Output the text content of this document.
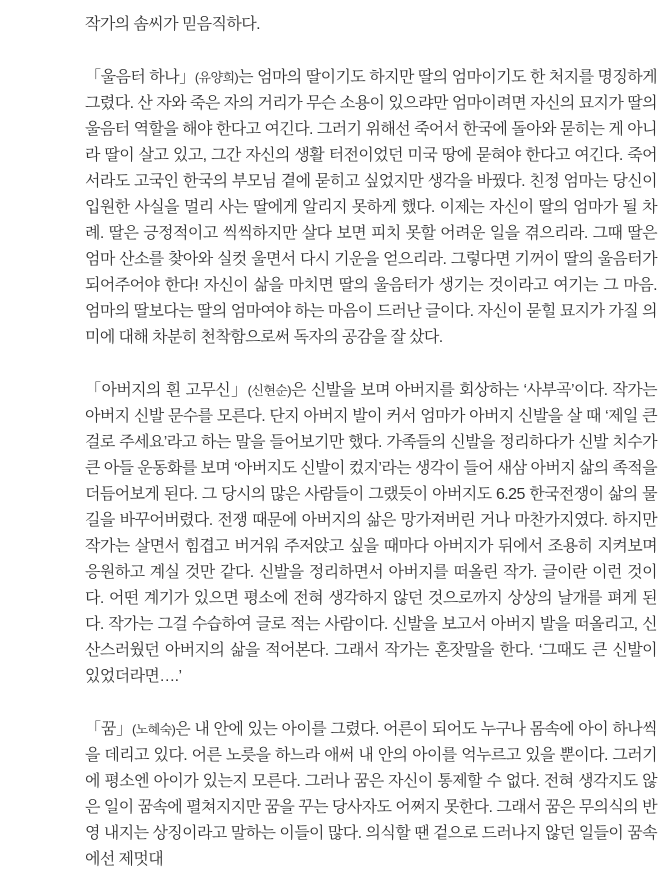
작가의 솜씨가 믿음직하다.

「울음터 하나」(유양희)는 엄마의 딸이기도 하지만 딸의 엄마이기도 한 처지를 명징하게 그렸다. 산 자와 죽은 자의 거리가 무슨 소용이 있으랴만 엄마이려면 자신의 묘지가 딸의 울음터 역할을 해야 한다고 여긴다. 그러기 위해선 죽어서 한국에 돌아와 묻히는 게 아니라 딸이 살고 있고, 그간 자신의 생활 터전이었던 미국 땅에 묻혀야 한다고 여긴다. 죽어서라도 고국인 한국의 부모님 곁에 묻히고 싶었지만 생각을 바꿨다. 친정 엄마는 당신이 입원한 사실을 멀리 사는 딸에게 알리지 못하게 했다. 이제는 자신이 딸의 엄마가 될 차례. 딸은 긍정적이고 씩씩하지만 살다 보면 피치 못할 어려운 일을 겪으리라. 그때 딸은 엄마 산소를 찾아와 실컷 울면서 다시 기운을 얻으리라. 그렇다면 기꺼이 딸의 울음터가 되어주어야 한다! 자신이 삶을 마치면 딸의 울음터가 생기는 것이라고 여기는 그 마음. 엄마의 딸보다는 딸의 엄마여야 하는 마음이 드러난 글이다. 자신이 묻힐 묘지가 가질 의미에 대해 차분히 천착함으로써 독자의 공감을 잘 샀다.

「아버지의 흰 고무신」(신현순)은 신발을 보며 아버지를 회상하는 ‘사부곡’이다. 작가는 아버지 신발 문수를 모른다. 단지 아버지 발이 커서 엄마가 아버지 신발을 살 때 ‘제일 큰 걸로 주세요’라고 하는 말을 들어보기만 했다. 가족들의 신발을 정리하다가 신발 치수가 큰 아들 운동화를 보며 ‘아버지도 신발이 컸지’라는 생각이 들어 새삼 아버지 삶의 족적을 더듬어보게 된다. 그 당시의 많은 사람들이 그랬듯이 아버지도 6.25 한국전쟁이 삶의 물길을 바꾸어버렸다. 전쟁 때문에 아버지의 삶은 망가져버린 거나 마찬가지였다. 하지만 작가는 살면서 힘겹고 버거워 주저앉고 싶을 때마다 아버지가 뒤에서 조용히 지켜보며 응원하고 계실 것만 같다. 신발을 정리하면서 아버지를 떠올린 작가. 글이란 이런 것이다. 어떤 계기가 있으면 평소에 전혀 생각하지 않던 것으로까지 상상의 날개를 펴게 된다. 작가는 그걸 수습하여 글로 적는 사람이다. 신발을 보고서 아버지 발을 떠올리고, 신산스러웠던 아버지의 삶을 적어본다. 그래서 작가는 혼잣말을 한다. ‘그때도 큰 신발이 있었더라면….’

「꿈」(노혜숙)은 내 안에 있는 아이를 그렸다. 어른이 되어도 누구나 몸속에 아이 하나씩을 데리고 있다. 어른 노릇을 하느라 애써 내 안의 아이를 억누르고 있을 뿐이다. 그러기에 평소엔 아이가 있는지 모른다. 그러나 꿈은 자신이 통제할 수 없다. 전혀 생각지도 않은 일이 꿈속에 펼쳐지지만 꿈을 꾸는 당사자도 어쩌지 못한다. 그래서 꿈은 무의식의 반영 내지는 상징이라고 말하는 이들이 많다. 의식할 땐 겉으로 드러나지 않던 일들이 꿈속에선 제멋대
